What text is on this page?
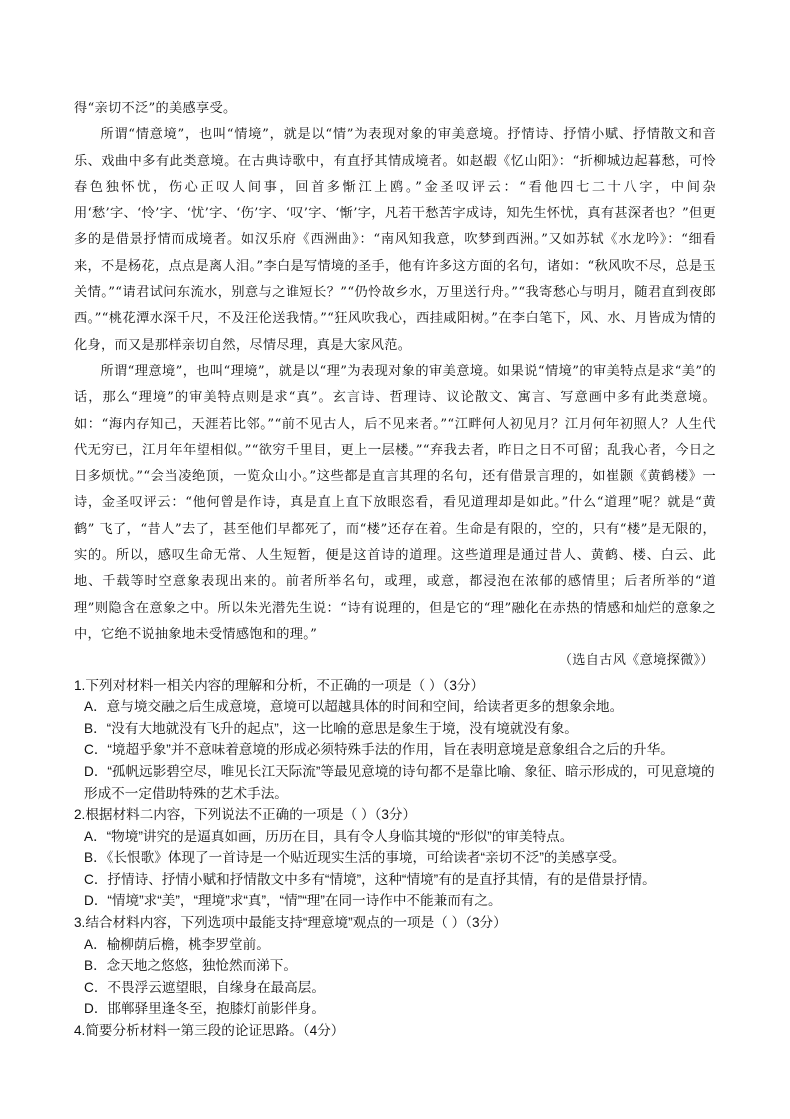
得“亲切不泛”的美感享受。

所谓“情意境”，也叫“情境”，就是以“情”为表现对象的审美意境。抒情诗、抒情小赋、抒情散文和音乐、戏曲中多有此类意境。在古典诗歌中，有直抒其情成境者。如赵嘏《忆山阳》：“折柳城边起暮愁，可怜春色独怀忧，伤心正叹人间事，回首多惭江上鸥。”金圣叹评云：“看他四七二十八字，中间杂用‘愁’字、‘怜’字、‘忧’字、‘伤’字、‘叹’字、‘惭’字，凡若干愁苦字成诗，知先生怀忧，真有甚深者也？”但更多的是借景抒情而成境者。如汉乐府《西洲曲》：“南风知我意，吹梦到西洲。”又如苏轼《水龙吟》：“细看来，不是杨花，点点是离人泪。”李白是写情境的圣手，他有许多这方面的名句，诸如：“秋风吹不尽，总是玉关情。”“请君试问东流水，别意与之谁短长？”“仍怜故乡水，万里送行舟。”“我寄愁心与明月，随君直到夜郎西。”“桃花潭水深千尺，不及汪伦送我情。”“狂风吹我心，西挂咸阳树。”在李白笔下，风、水、月皆成为情的化身，而又是那样亲切自然，尽情尽理，真是大家风范。

所谓“理意境”，也叫“理境”，就是以“理”为表现对象的审美意境。如果说“情境”的审美特点是求“美”的话，那么“理境”的审美特点则是求“真”。玄言诗、哲理诗、议论散文、寓言、写意画中多有此类意境。如：“海内存知己，天涯若比邻。”“前不见古人，后不见来者。”“江畔何人初见月？江月何年初照人？人生代代无穷已，江月年年望相似。”“欲穷千里目，更上一层楼。”“弃我去者，昨日之日不可留；乱我心者，今日之日多烦忧。”“会当凌绝顶，一览众山小。”这些都是直言其理的名句，还有借景言理的，如崔颢《黄鹤楼》一诗，金圣叹评云：“他何曾是作诗，真是直上直下放眼恣看，看见道理却是如此。”什么“道理”呢？就是“黄鹤” 飞了，“昔人”去了，甚至他们早都死了，而“楼”还存在着。生命是有限的，空的，只有“楼”是无限的，实的。所以，感叹生命无常、人生短暂，便是这首诗的道理。这些道理是通过昔人、黄鹤、楼、白云、此地、千载等时空意象表现出来的。前者所举名句，或理，或意，都浸泡在浓郁的感情里；后者所举的“道理”则隐含在意象之中。所以朱光潜先生说：“诗有说理的，但是它的“理”融化在赤热的情感和灿烂的意象之中，它绝不说抽象地未受情感饱和的理。”

（选自古风《意境探微》）

1.下列对材料一相关内容的理解和分析，不正确的一项是（ ）（3分）

A．意与境交融之后生成意境，意境可以超越具体的时间和空间，给读者更多的想象余地。

B．“没有大地就没有飞升的起点”，这一比喻的意思是象生于境，没有境就没有象。

C．“境超乎象”并不意味着意境的形成必须特殊手法的作用，旨在表明意境是意象组合之后的升华。

D．“孤帆远影碧空尽，唯见长江天际流”等最见意境的诗句都不是靠比喻、象征、暗示形成的，可见意境的形成不一定借助特殊的艺术手法。

2.根据材料二内容，下列说法不正确的一项是（ ）（3分）

A．“物境”讲究的是逼真如画，历历在目，具有令人身临其境的“形似”的审美特点。

B．《长恨歌》体现了一首诗是一个贴近现实生活的事境，可给读者“亲切不泛”的美感享受。

C．抒情诗、抒情小赋和抒情散文中多有“情境”，这种“情境”有的是直抒其情，有的是借景抒情。

D．“情境”求“美”，“理境”求“真”，“情”“理”在同一诗作中不能兼而有之。

3.结合材料内容，下列选项中最能支持“理意境”观点的一项是（ ）（3分）

A．榆柳荫后檐，桃李罗堂前。

B．念天地之悠悠，独怆然而涕下。

C．不畏浮云遮望眼，自缘身在最高层。

D．邯郸驿里逢冬至，抱膝灯前影伴身。

4.简要分析材料一第三段的论证思路。（4分）
